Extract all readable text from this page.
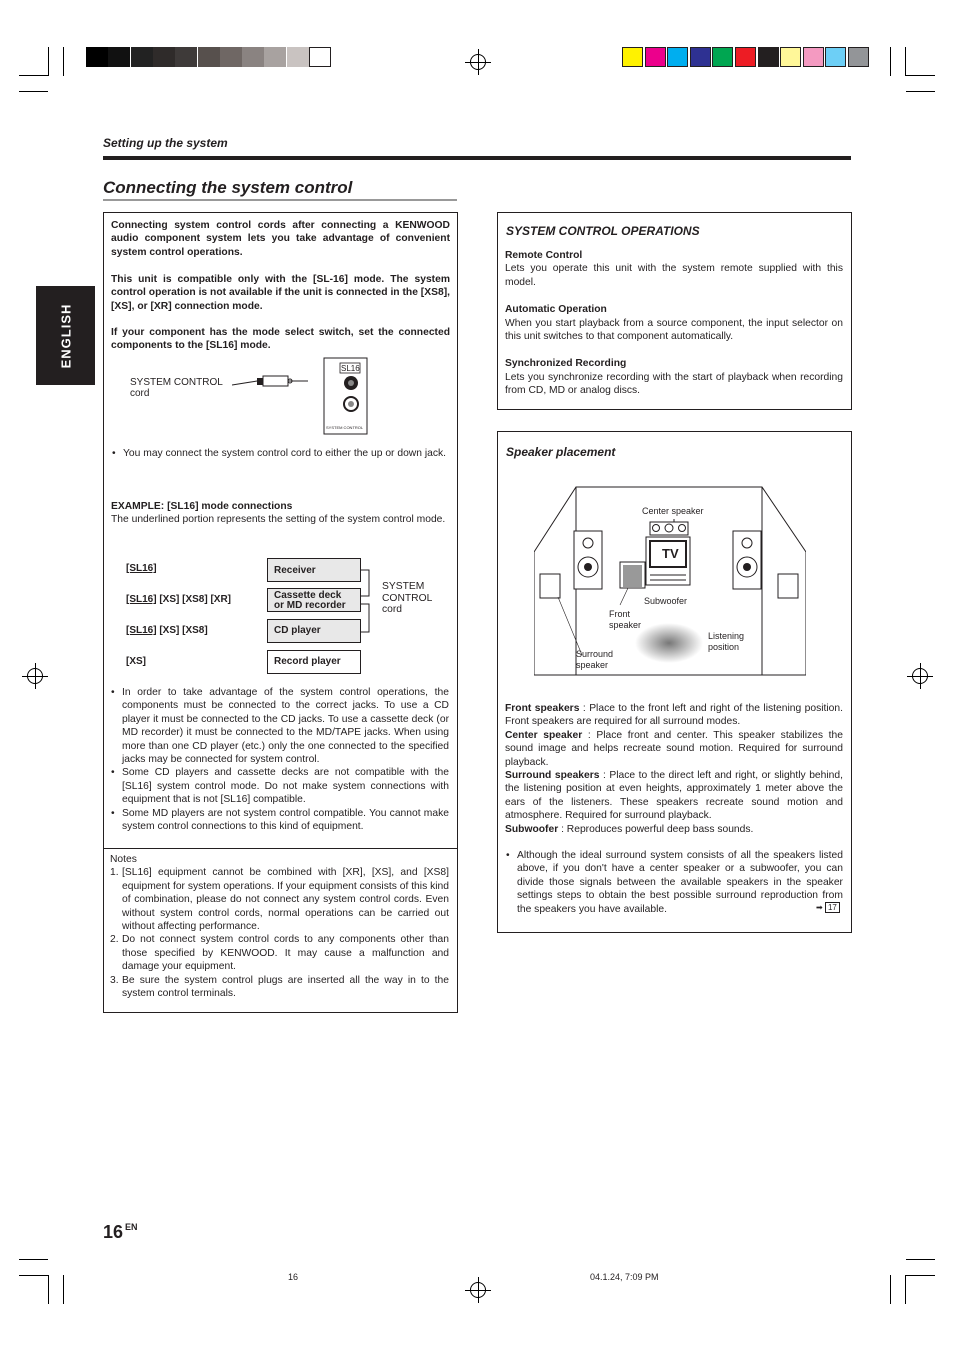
Setting up the system
Connecting the system control
ENGLISH
Connecting system control cords after connecting a KENWOOD audio component system lets you take advantage of convenient system control operations.
This unit is compatible only with the [SL-16] mode. The system control operation is not available if the unit is connected in the [XS8], [XS], or [XR] connection mode.
If your component has the mode select switch, set the connected components to the [SL16] mode.
SYSTEM CONTROL
cord
SL16
SYSTEM CONTROL
• You may connect the system control cord to either the up or down jack.
EXAMPLE: [SL16] mode connections
The underlined portion represents the setting of the system control mode.
[SL16]
[SL16] [XS] [XS8] [XR]
[SL16] [XS] [XS8]
[XS]
Receiver
Cassette deck or MD recorder
CD player
Record player
SYSTEM
CONTROL
cord

• In order to take advantage of the system control operations, the components must be connected to the correct jacks. To use a CD player it must be connected to the CD jacks. To use a cassette deck (or MD recorder) it must be connected to the MD/TAPE jacks. When using more than one CD player (etc.) only the one connected to the specified jacks may be connected for system control.

• Some CD players and cassette decks are not compatible with the [SL16] system control mode. Do not make system connections with equipment that is not [SL16] compatible.

• Some MD players are not system control compatible. You cannot make system control connections to this kind of equipment.

Notes

1. [SL16] equipment cannot be combined with [XR], [XS], and [XS8] equipment for system operations. If your equipment consists of this kind of combination, please do not connect any system control cords. Even without system control cords, normal operations can be carried out without affecting performance.

2. Do not connect system control cords to any components other than those specified by KENWOOD. It may cause a malfunction and damage your equipment.

3. Be sure the system control plugs are inserted all the way in to the system control terminals.

SYSTEM CONTROL OPERATIONS

Remote Control

Lets you operate this unit with the system remote supplied with this model.

Automatic Operation

When you start playback from a source component, the input selector on this unit switches to that component automatically.

Synchronized Recording

Lets you synchronize recording with the start of playback when recording from CD, MD or analog discs.

Speaker placement
Center speaker
TV
Subwoofer
Front
speaker
Listening
position
Surround
speaker

Front speakers : Place to the front left and right of the listening position. Front speakers are required for all surround modes.

Center speaker : Place front and center. This speaker stabilizes the sound image and helps recreate sound motion. Required for surround playback.

Surround speakers : Place to the direct left and right, or slightly behind, the listening position at even heights, approximately 1 meter above the ears of the listeners. These speakers recreate sound motion and atmosphere. Required for surround playback.

Subwoofer : Reproduces powerful deep bass sounds.

• Although the ideal surround system consists of all the speakers listed above, if you don't have a center speaker or a subwoofer, you can divide those signals between the available speakers in the speaker settings steps to obtain the best possible surround reproduction from the speakers you have available.	➡ 17
16 $^{EN}$
16	04.1.24, 7:09 PM
